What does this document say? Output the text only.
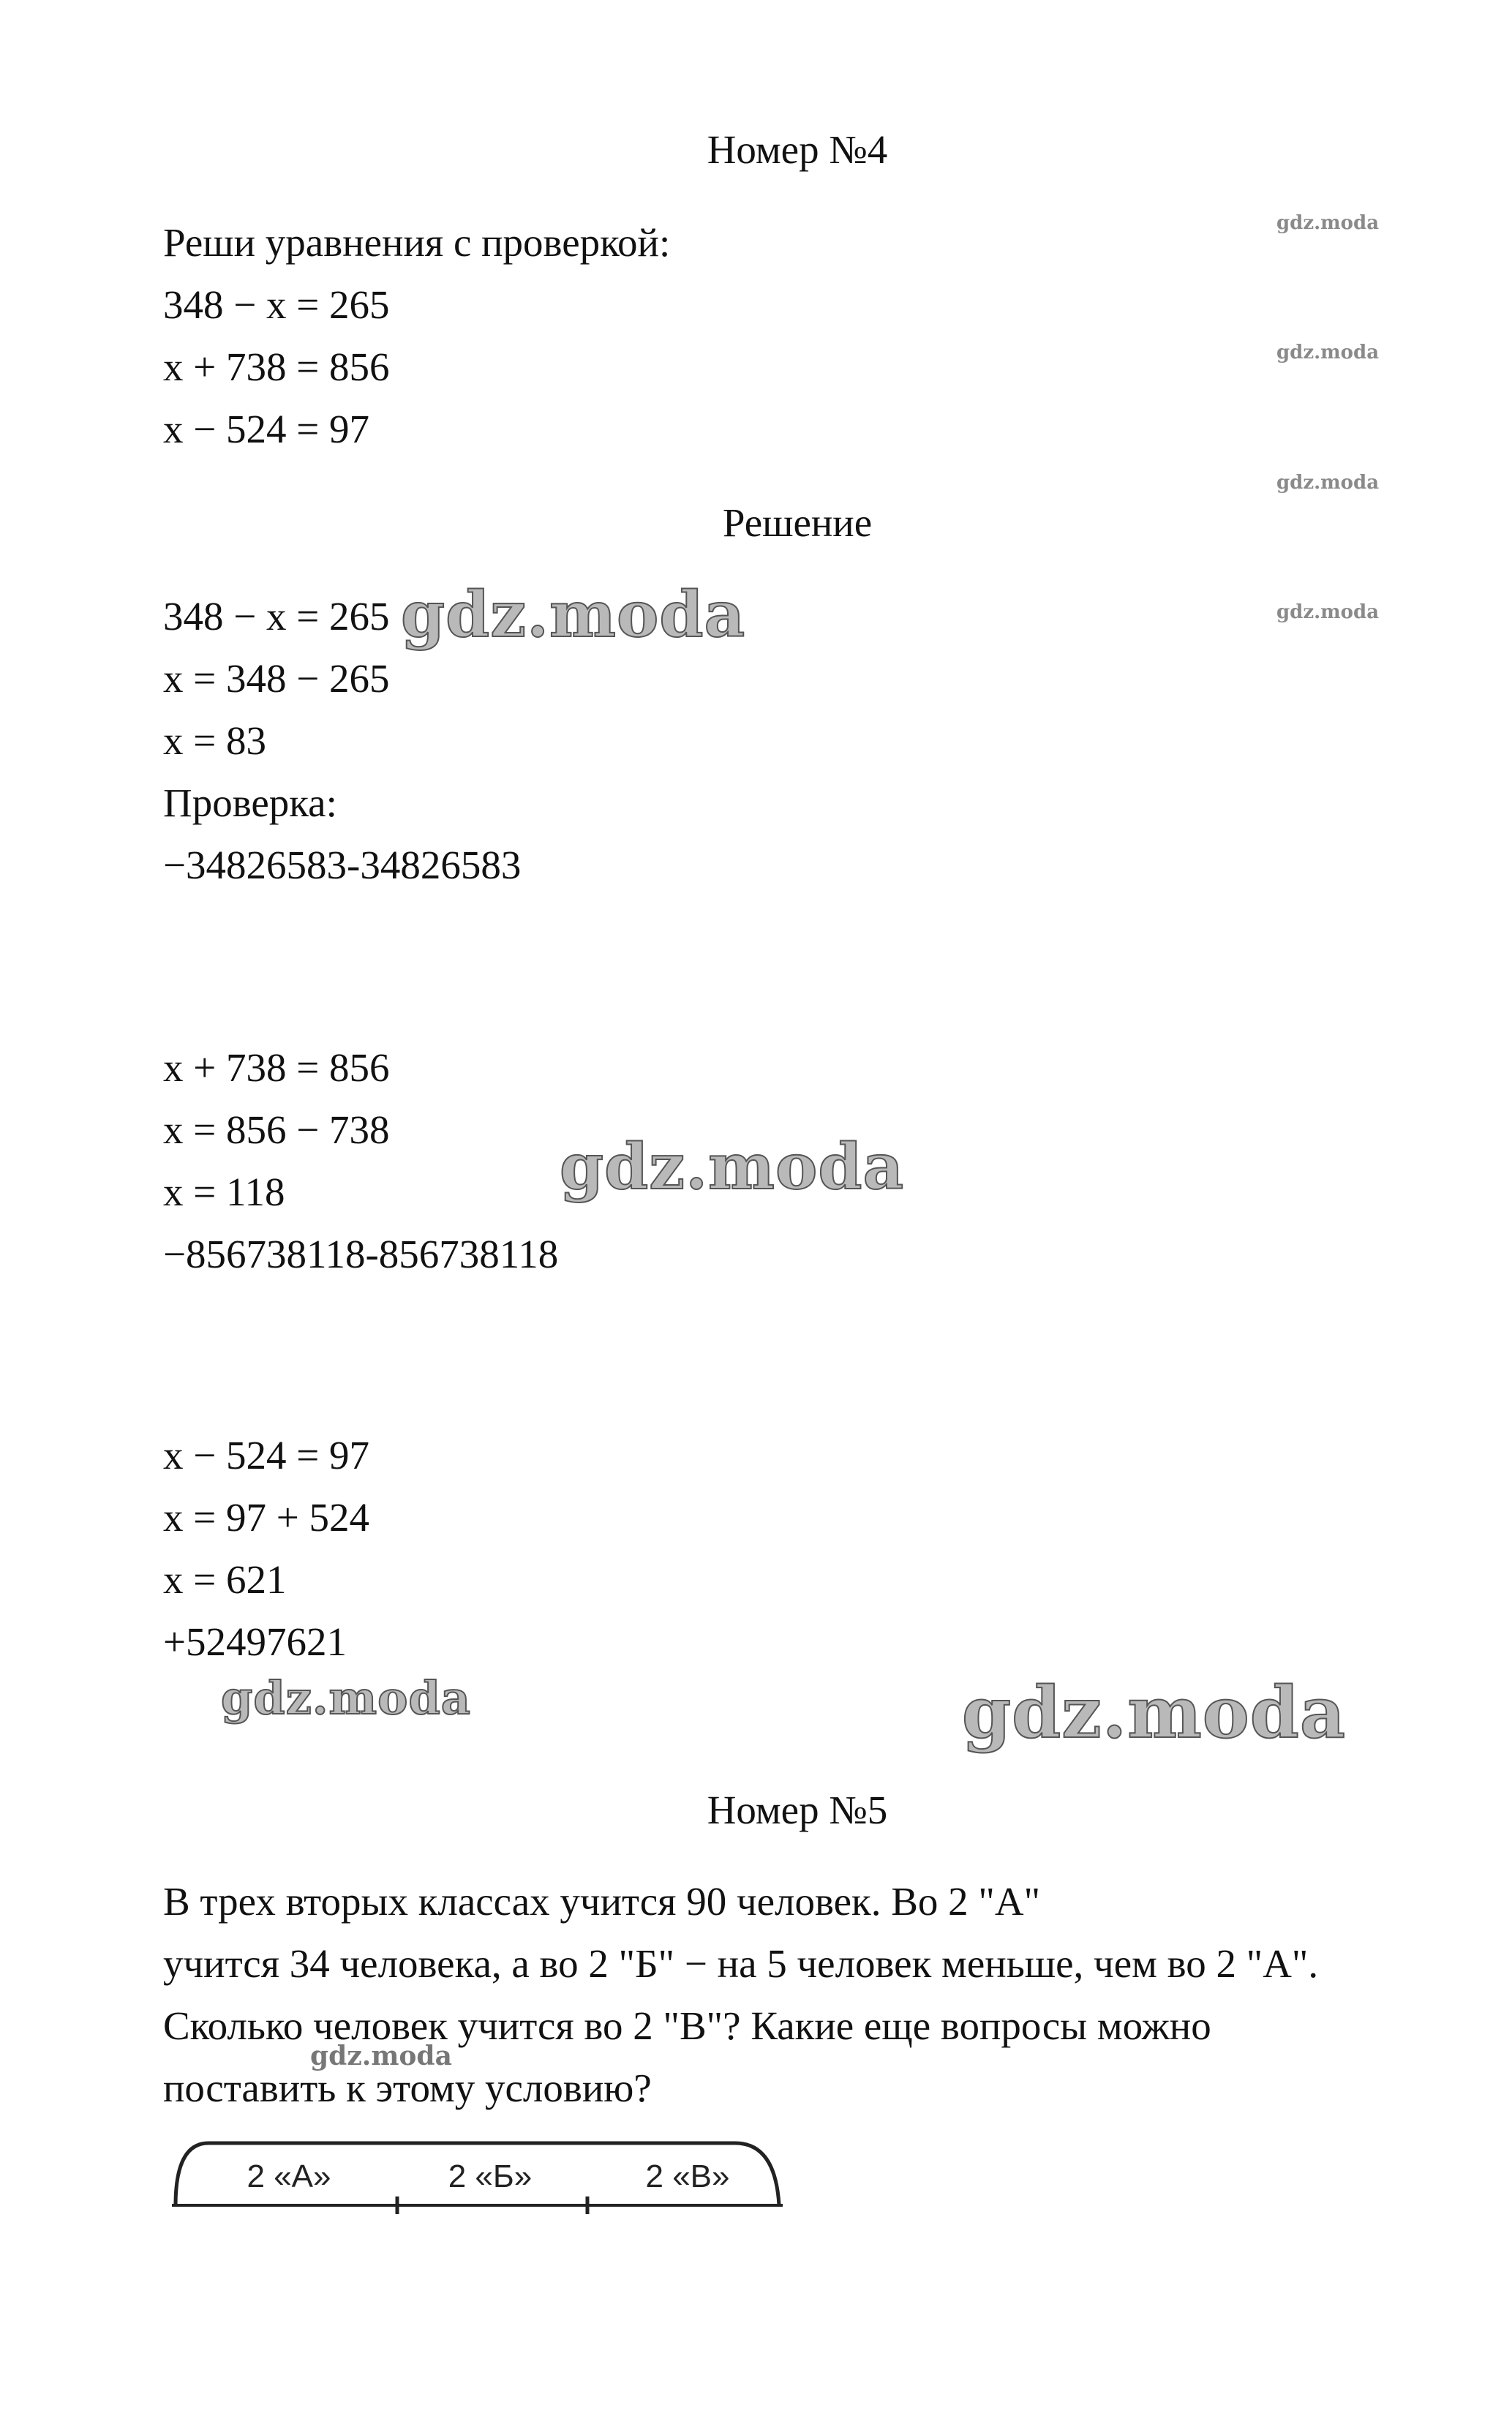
Номер №4
Реши уравнения с проверкой:
348 − x = 265
x + 738 = 856
x − 524 = 97
Решение
348 − x = 265
x = 348 − 265
x = 83
Проверка:
−34826583-34826583
x + 738 = 856
x = 856 − 738
x = 118
−856738118-856738118
x − 524 = 97
x = 97 + 524
x = 621
+52497621
Номер №5
В трех вторых классах учится 90 человек. Во 2 "А"
учится 34 человека, а во 2 "Б" − на 5 человек меньше, чем во 2 "А".
Сколько человек учится во 2 "В"? Какие еще вопросы можно
поставить к этому условию?
2 «А»	2 «Б»	2 «В»
gdz.moda
gdz.moda
gdz.moda
gdz.moda
gdz.moda
gdz.moda
gdz.moda	gdz.moda
gdz.moda
